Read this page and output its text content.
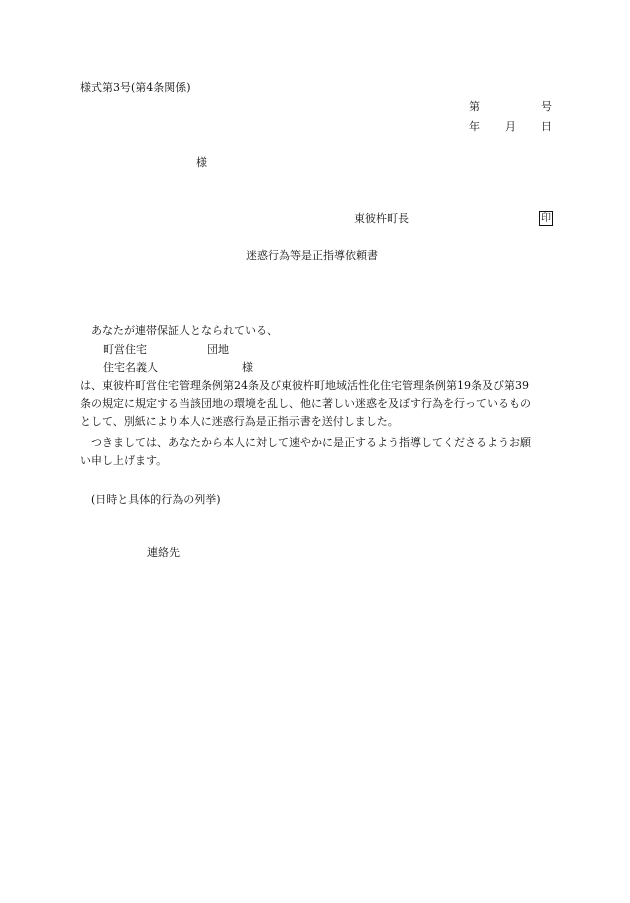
様式第3号(第4条関係)
第	号
年 月 日
様
東彼杵町長	印
迷惑行為等是正指導依頼書
あなたが連帯保証人となられている、
町営住宅	団地
住宅名義人	様
は、東彼杵町営住宅管理条例第24条及び東彼杵町地域活性化住宅管理条例第19条及び第39
条の規定に規定する当該団地の環境を乱し、他に著しい迷惑を及ぼす行為を行っているもの
として、別紙により本人に迷惑行為是正指示書を送付しました。
つきましては、あなたから本人に対して速やかに是正するよう指導してくださるようお願
い申し上げます。
(日時と具体的行為の列挙)
連絡先
